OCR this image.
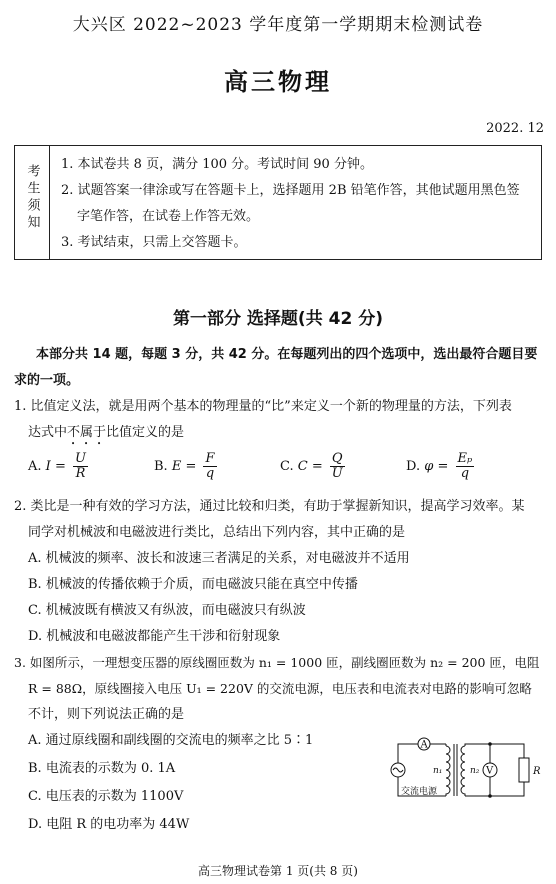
大兴区 2022~2023 学年度第一学期期末检测试卷
高三物理
2022. 12
考生须知 1. 本试卷共 8 页，满分 100 分。考试时间 90 分钟。
2. 试题答案一律涂或写在答题卡上，选择题用 2B 铅笔作答，其他试题用黑色签
字笔作答，在试卷上作答无效。
3. 考试结束，只需上交答题卡。
第一部分 选择题(共 42 分)
本部分共 14 题，每题 3 分，共 42 分。在每题列出的四个选项中，选出最符合题目要
求的一项。
1. 比值定义法，就是用两个基本的物理量的“比”来定义一个新的物理量的方法，下列表
达式中不属于比值定义的是
A. $I = \frac{U}{R}$	B. $E = \frac{F}{q}$	C. $C = \frac{Q}{U}$	D. $\varphi = \frac{\text{Eₚ}}{q}$
2. 类比是一种有效的学习方法，通过比较和归类，有助于掌握新知识，提高学习效率。某
同学对机械波和电磁波进行类比，总结出下列内容，其中正确的是
A. 机械波的频率、波长和波速三者满足的关系，对电磁波并不适用
B. 机械波的传播依赖于介质，而电磁波只能在真空中传播
C. 机械波既有横波又有纵波，而电磁波只有纵波
D. 机械波和电磁波都能产生干涉和衍射现象
3. 如图所示，一理想变压器的原线圈匝数为 n₁ = 1000 匝，副线圈匝数为 n₂ = 200 匝，电阻
R = 88Ω，原线圈接入电压 U₁ = 220V 的交流电源，电压表和电流表对电路的影响可忽略
不计，则下列说法正确的是
A. 通过原线圈和副线圈的交流电的频率之比 5∶1
B. 电流表的示数为 0. 1A
C. 电压表的示数为 1100V
D. 电阻 R 的电功率为 44W
A
V
n₁	n₂	R
交流电源
高三物理试卷第 1 页(共 8 页)
